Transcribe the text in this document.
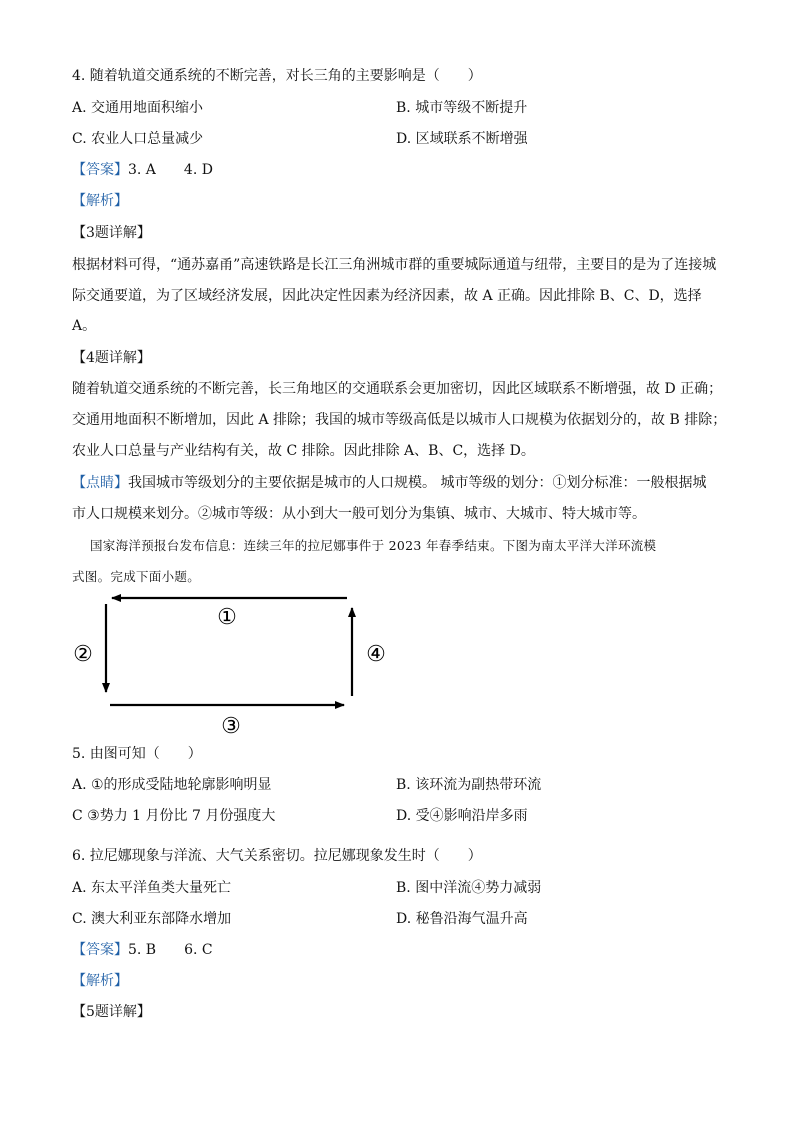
4. 随着轨道交通系统的不断完善，对长三角的主要影响是（　　）
A. 交通用地面积缩小	B. 城市等级不断提升
C. 农业人口总量减少	D. 区域联系不断增强
【答案】3. A　　4. D
【解析】
【3题详解】
根据材料可得，“通苏嘉甬”高速铁路是长江三角洲城市群的重要城际通道与纽带，主要目的是为了连接城
际交通要道，为了区域经济发展，因此决定性因素为经济因素，故 A 正确。因此排除 B、C、D，选择
A。
【4题详解】
随着轨道交通系统的不断完善，长三角地区的交通联系会更加密切，因此区域联系不断增强，故 D 正确；
交通用地面积不断增加，因此 A 排除；我国的城市等级高低是以城市人口规模为依据划分的，故 B 排除；
农业人口总量与产业结构有关，故 C 排除。因此排除 A、B、C，选择 D。
【点睛】我国城市等级划分的主要依据是城市的人口规模。 城市等级的划分：①划分标准：一般根据城
市人口规模来划分。②城市等级：从小到大一般可划分为集镇、城市、大城市、特大城市等。
国家海洋预报台发布信息：连续三年的拉尼娜事件于 2023 年春季结束。下图为南太平洋大洋环流模
式图。完成下面小题。
①
②
③
④
5. 由图可知（　　）
A. ①的形成受陆地轮廓影响明显	B. 该环流为副热带环流
C ③势力 1 月份比 7 月份强度大	D. 受④影响沿岸多雨
6. 拉尼娜现象与洋流、大气关系密切。拉尼娜现象发生时（　　）
A. 东太平洋鱼类大量死亡	B. 图中洋流④势力减弱
C. 澳大利亚东部降水增加	D. 秘鲁沿海气温升高
【答案】5. B　　6. C
【解析】
【5题详解】
